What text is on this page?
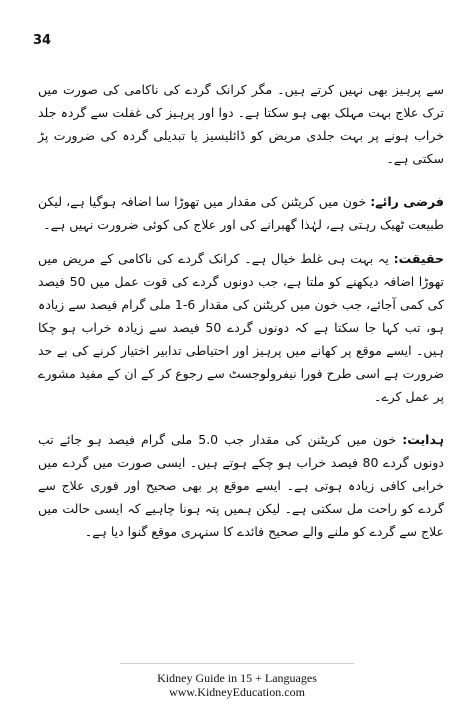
34

سے پرہیز بھی نہیں کرتے ہیں۔ مگر کرانک گردے کی ناکامی کی صورت میں ترک علاج بہت مہلک بھی ہو سکتا ہے۔ دوا اور پرہیز کی غفلت سے گردہ جلد خراب ہونے پر بہت جلدی مریض کو ڈائلیسیز یا تبدیلی گردہ کی ضرورت پڑ سکتی ہے۔

فرضی رائے: خون میں کریٹنن کی مقدار میں تھوڑا سا اضافہ ہوگیا ہے، لیکن طبیعت ٹھیک رہتی ہے، لہٰذا گھبرانے کی اور علاج کی کوئی ضرورت نہیں ہے۔

حقیقت: یہ بہت ہی غلط خیال ہے۔ کرانک گردے کی ناکامی کے مریض میں تھوڑا اضافہ دیکھنے کو ملتا ہے، جب دونوں گردے کی قوت عمل میں 50 فیصد کی کمی آجائے، جب خون میں کریٹنن کی مقدار 6-1 ملی گرام فیصد سے زیادہ ہو، تب کہا جا سکتا ہے کہ دونوں گردے 50 فیصد سے زیادہ خراب ہو چکا ہیں۔ ایسے موقع پر کھانے میں پرہیز اور احتیاطی تدابیر اختیار کرنے کی بے حد ضرورت ہے اسی طرح فورا نیفرولوجسٹ سے رجوع کر کے ان کے مفید مشورے پر عمل کرے۔

ہدایت: خون میں کریٹنن کی مقدار جب 5.0 ملی گرام فیصد ہو جائے تب دونوں گردے 80 فیصد خراب ہو چکے ہوتے ہیں۔ ایسی صورت میں گردے میں خرابی کافی زیادہ ہوتی ہے۔ ایسے موقع پر بھی صحیح اور فوری علاج سے گردے کو راحت مل سکتی ہے۔ لیکن ہمیں پتہ ہونا چاہیے کہ ایسی حالت میں علاج سے گردے کو ملنے والے صحیح فائدے کا سنہری موقع گنوا دیا ہے۔

Kidney Guide in 15 + Languages
www.KidneyEducation.com
